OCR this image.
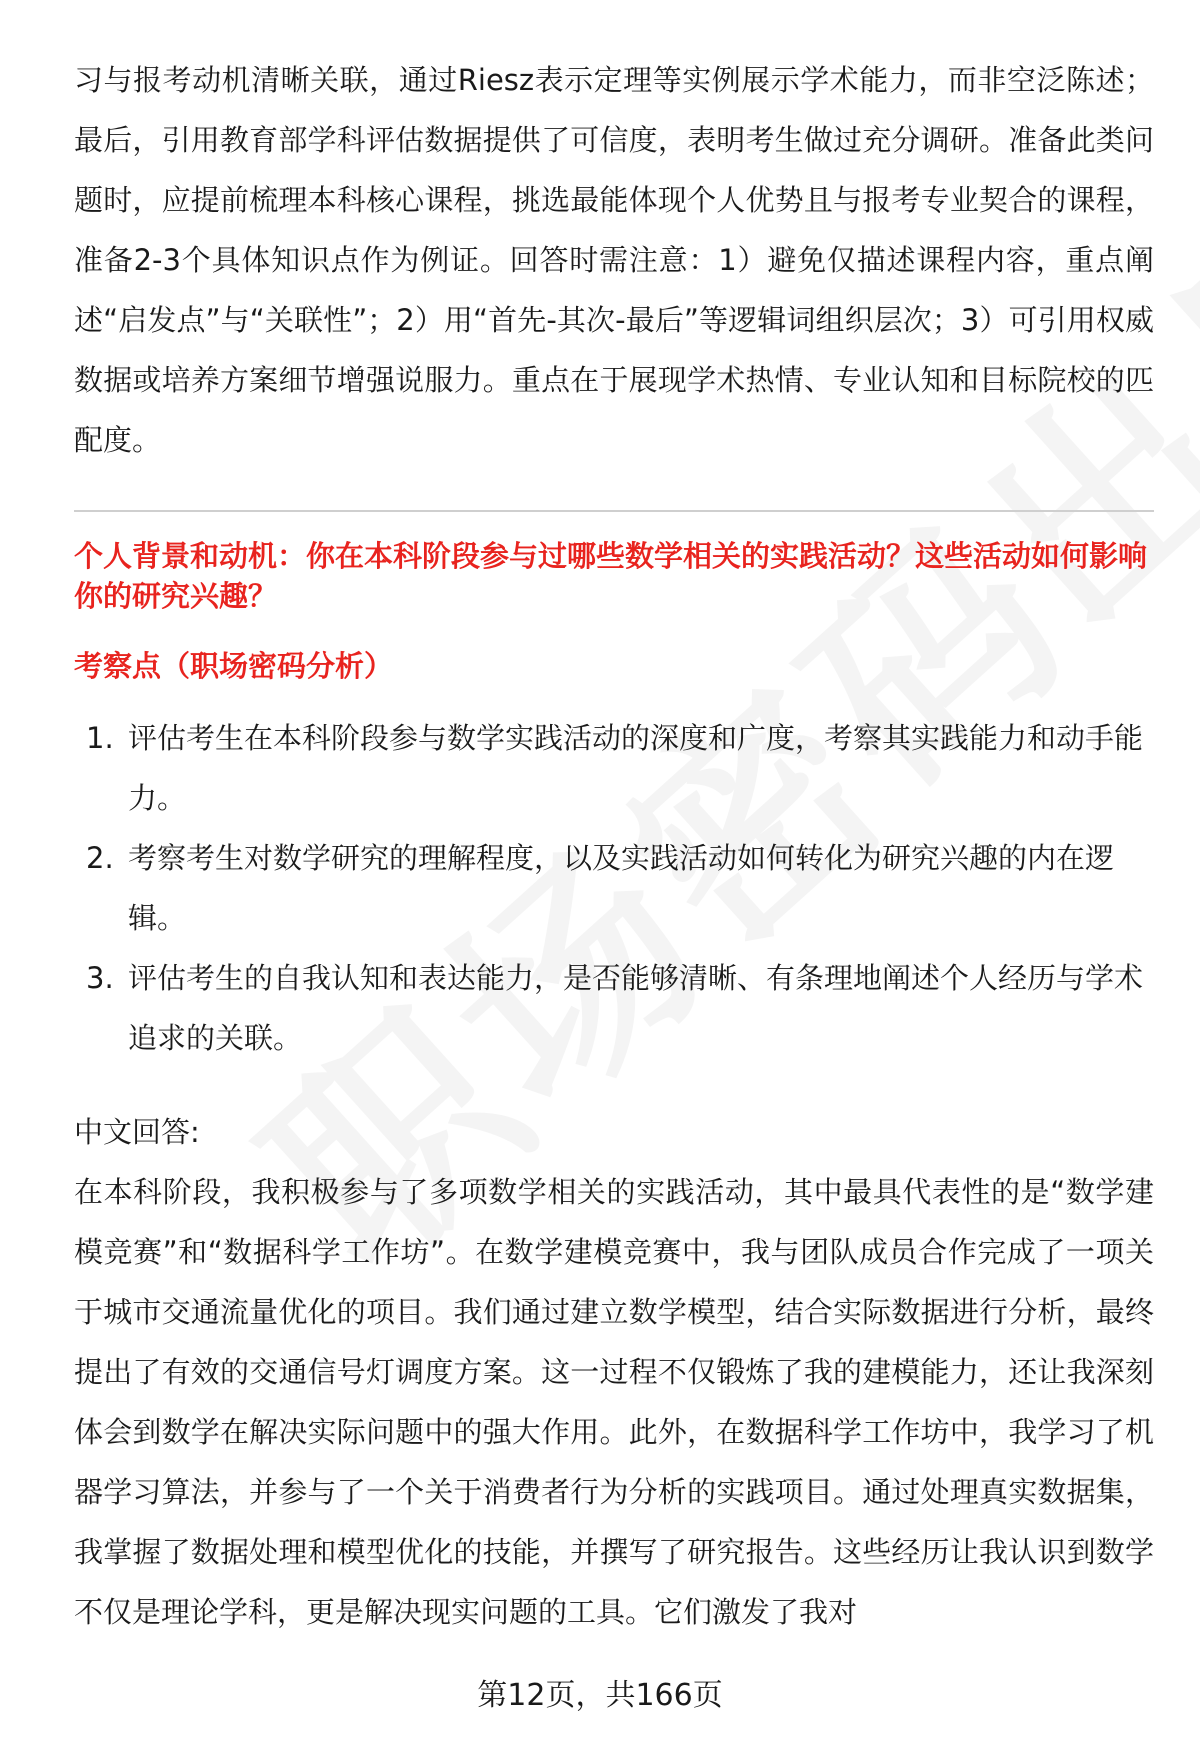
习与报考动机清晰关联，通过Riesz表示定理等实例展示学术能力，而非空泛陈述；最后，引用教育部学科评估数据提供了可信度，表明考生做过充分调研。准备此类问题时，应提前梳理本科核心课程，挑选最能体现个人优势且与报考专业契合的课程，准备2-3个具体知识点作为例证。回答时需注意：1）避免仅描述课程内容，重点阐述“启发点”与“关联性”；2）用“首先-其次-最后”等逻辑词组织层次；3）可引用权威数据或培养方案细节增强说服力。重点在于展现学术热情、专业认知和目标院校的匹配度。

个人背景和动机：你在本科阶段参与过哪些数学相关的实践活动？这些活动如何影响你的研究兴趣？

考察点（职场密码分析）

1. 评估考生在本科阶段参与数学实践活动的深度和广度，考察其实践能力和动手能力。
2. 考察考生对数学研究的理解程度，以及实践活动如何转化为研究兴趣的内在逻辑。
3. 评估考生的自我认知和表达能力，是否能够清晰、有条理地阐述个人经历与学术追求的关联。

中文回答:

在本科阶段，我积极参与了多项数学相关的实践活动，其中最具代表性的是“数学建模竞赛”和“数据科学工作坊”。在数学建模竞赛中，我与团队成员合作完成了一项关于城市交通流量优化的项目。我们通过建立数学模型，结合实际数据进行分析，最终提出了有效的交通信号灯调度方案。这一过程不仅锻炼了我的建模能力，还让我深刻体会到数学在解决实际问题中的强大作用。此外，在数据科学工作坊中，我学习了机器学习算法，并参与了一个关于消费者行为分析的实践项目。通过处理真实数据集，我掌握了数据处理和模型优化的技能，并撰写了研究报告。这些经历让我认识到数学不仅是理论学科，更是解决现实问题的工具。它们激发了我对

第12页，共166页
